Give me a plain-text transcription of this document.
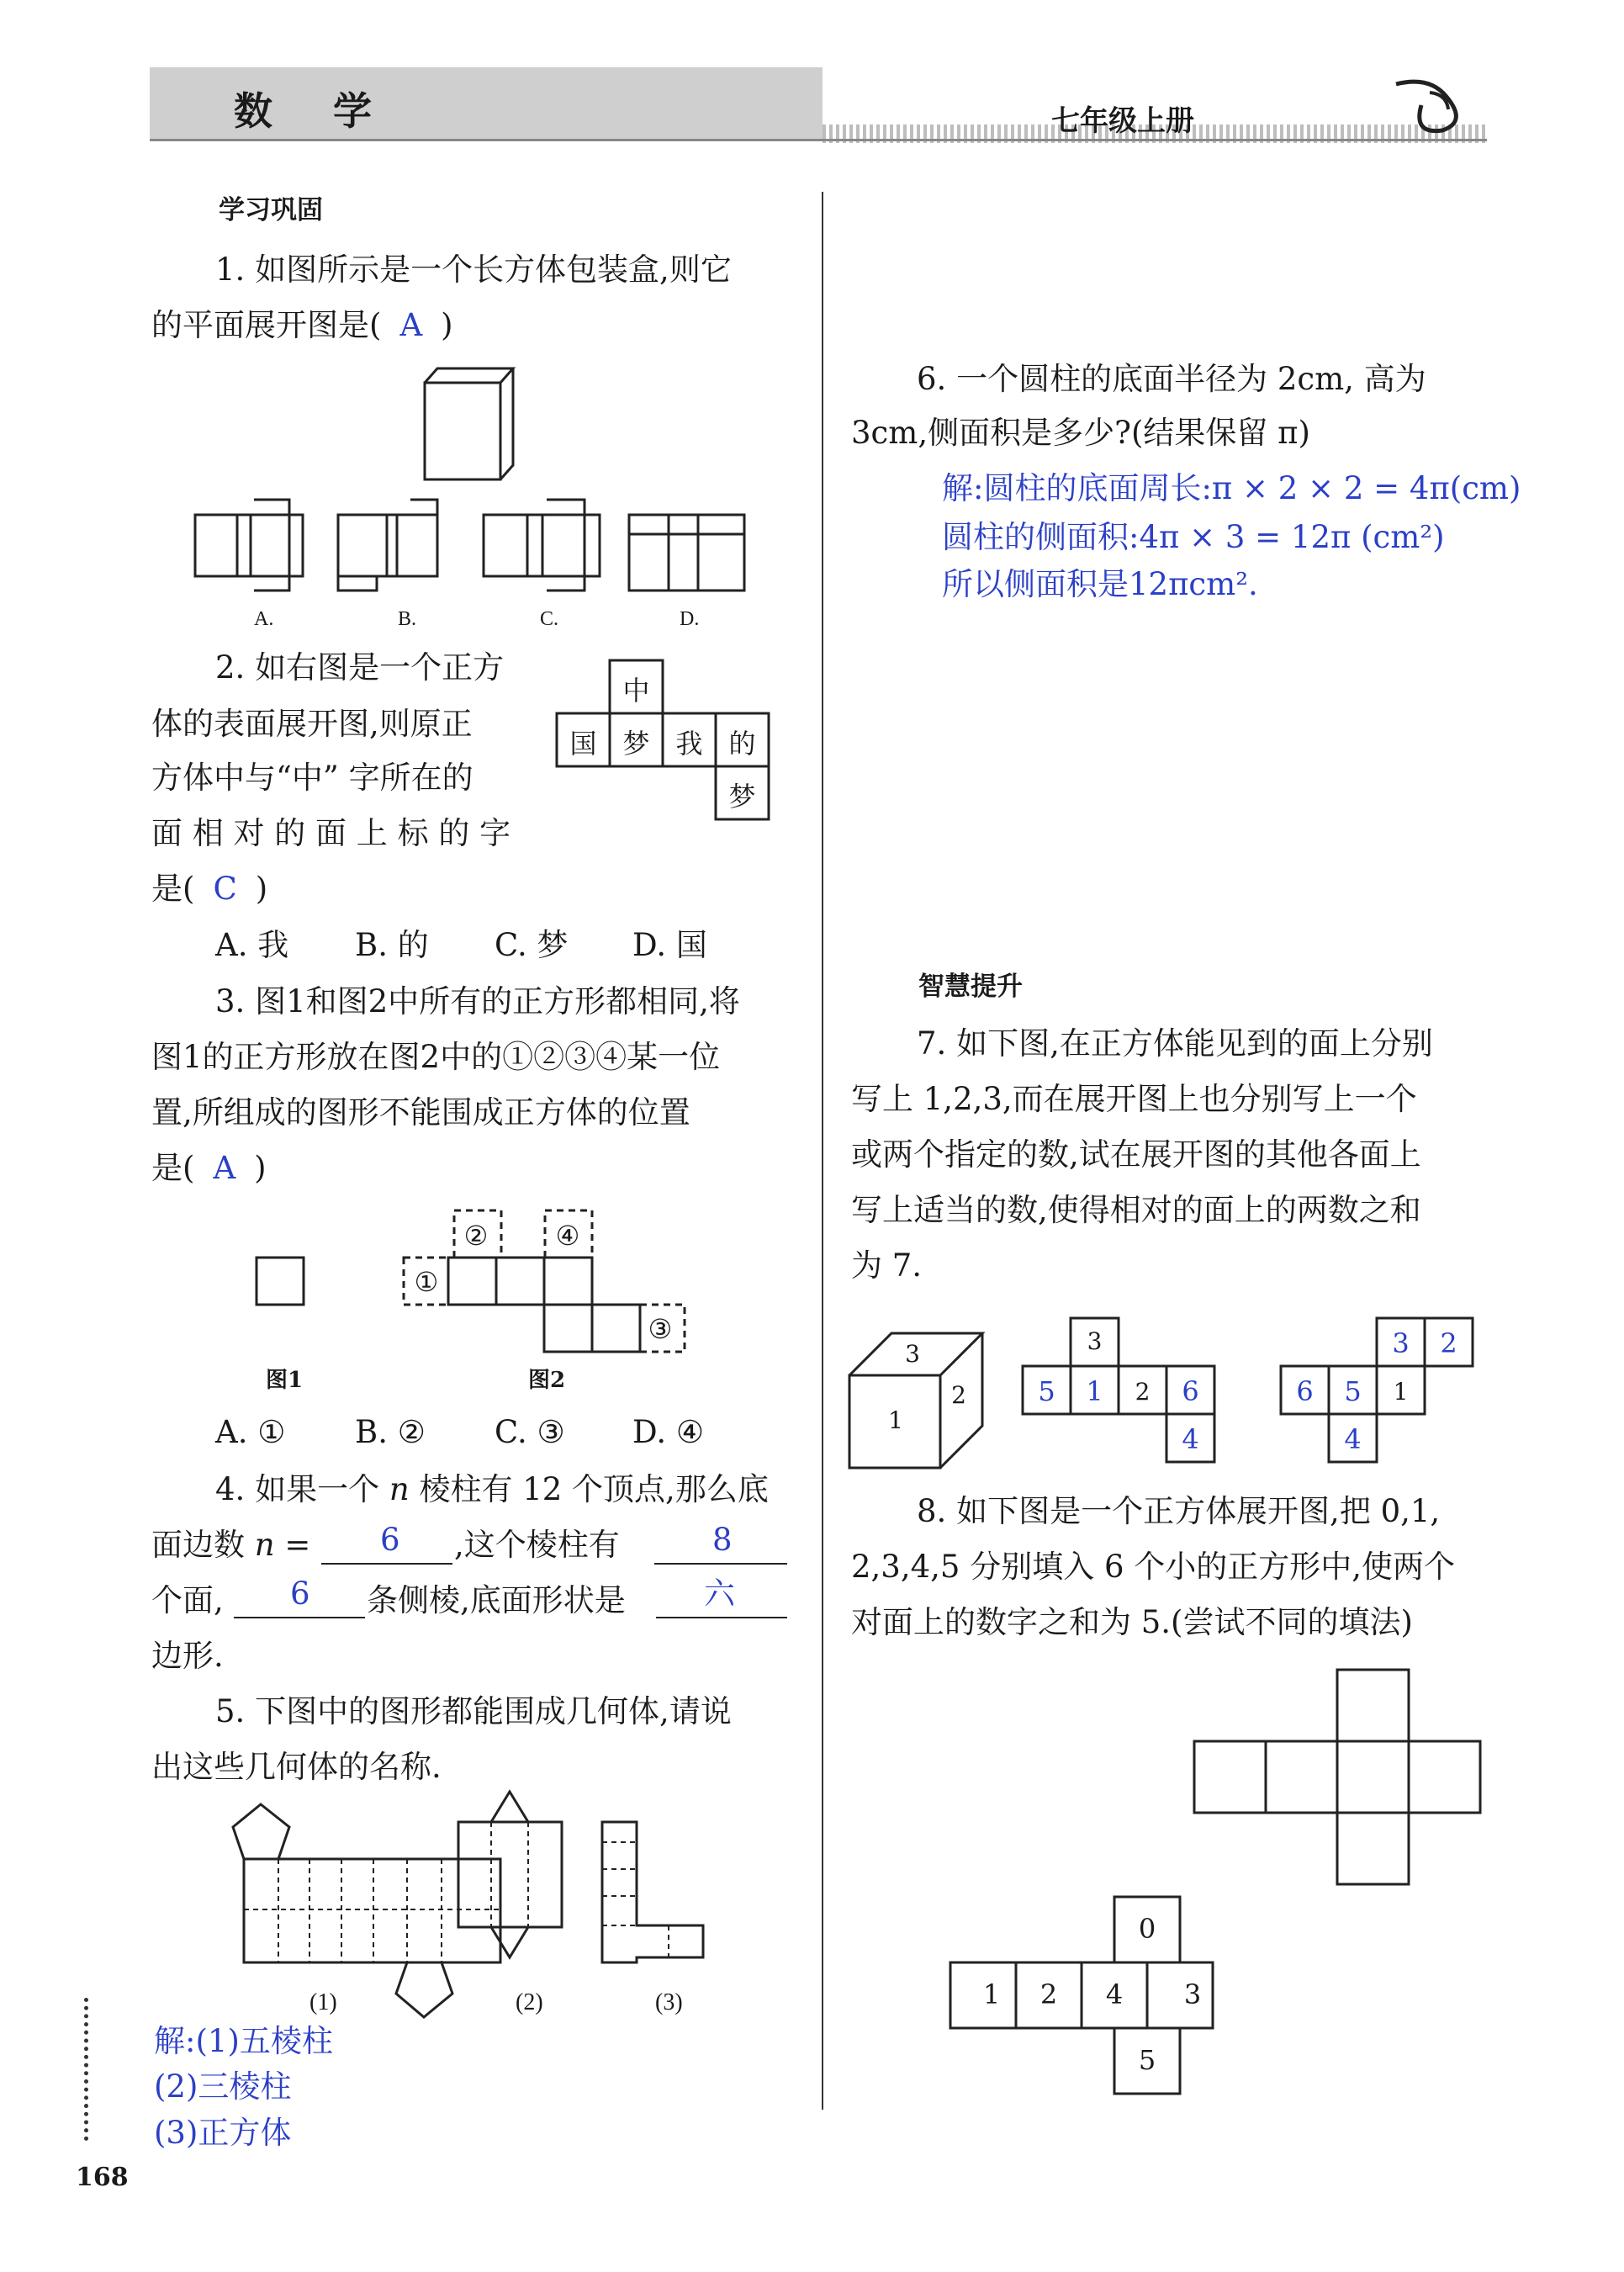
数 学	七年级上册
学习巩固
1. 如图所示是一个长方体包装盒,则它
的平面展开图是( A )
A.	B.	C.	D.
2. 如右图是一个正方
体的表面展开图,则原正
方体中与“中” 字所在的
面 相 对 的 面 上 标 的 字
是( C )
中
国 梦 我 的
梦
A. 我 B. 的 C. 梦 D. 国
3. 图1和图2中所有的正方形都相同,将
图1的正方形放在图2中的①②③④某一位
置,所组成的图形不能围成正方体的位置
是( A )
①
②	④
③
图1	图2
A. ① B. ② C. ③ D. ④
4. 如果一个 n 棱柱有 12 个顶点,那么底
面边数 n = 6 ,这个棱柱有	8
个面, 6 条侧棱,底面形状是	六
边形.
5. 下图中的图形都能围成几何体,请说
出这些几何体的名称.
(1)	(2)	(3)
解:(1)五棱柱
(2)三棱柱
(3)正方体
168
6. 一个圆柱的底面半径为 2cm, 高为
3cm,侧面积是多少?(结果保留 π)
解:圆柱的底面周长:π × 2 × 2 = 4π(cm)
圆柱的侧面积:4π × 3 = 12π (cm²)
所以侧面积是12πcm².
智慧提升
7. 如下图,在正方体能见到的面上分别
写上 1,2,3,而在展开图上也分别写上一个
或两个指定的数,试在展开图的其他各面上
写上适当的数,使得相对的面上的两数之和
为 7.
3
1
2
3
5	1	2	6
4
3	2
6	5	1
4
8. 如下图是一个正方体展开图,把 0,1,
2,3,4,5 分别填入 6 个小的正方形中,使两个
对面上的数字之和为 5.(尝试不同的填法)
0
1	2	4	3
5
